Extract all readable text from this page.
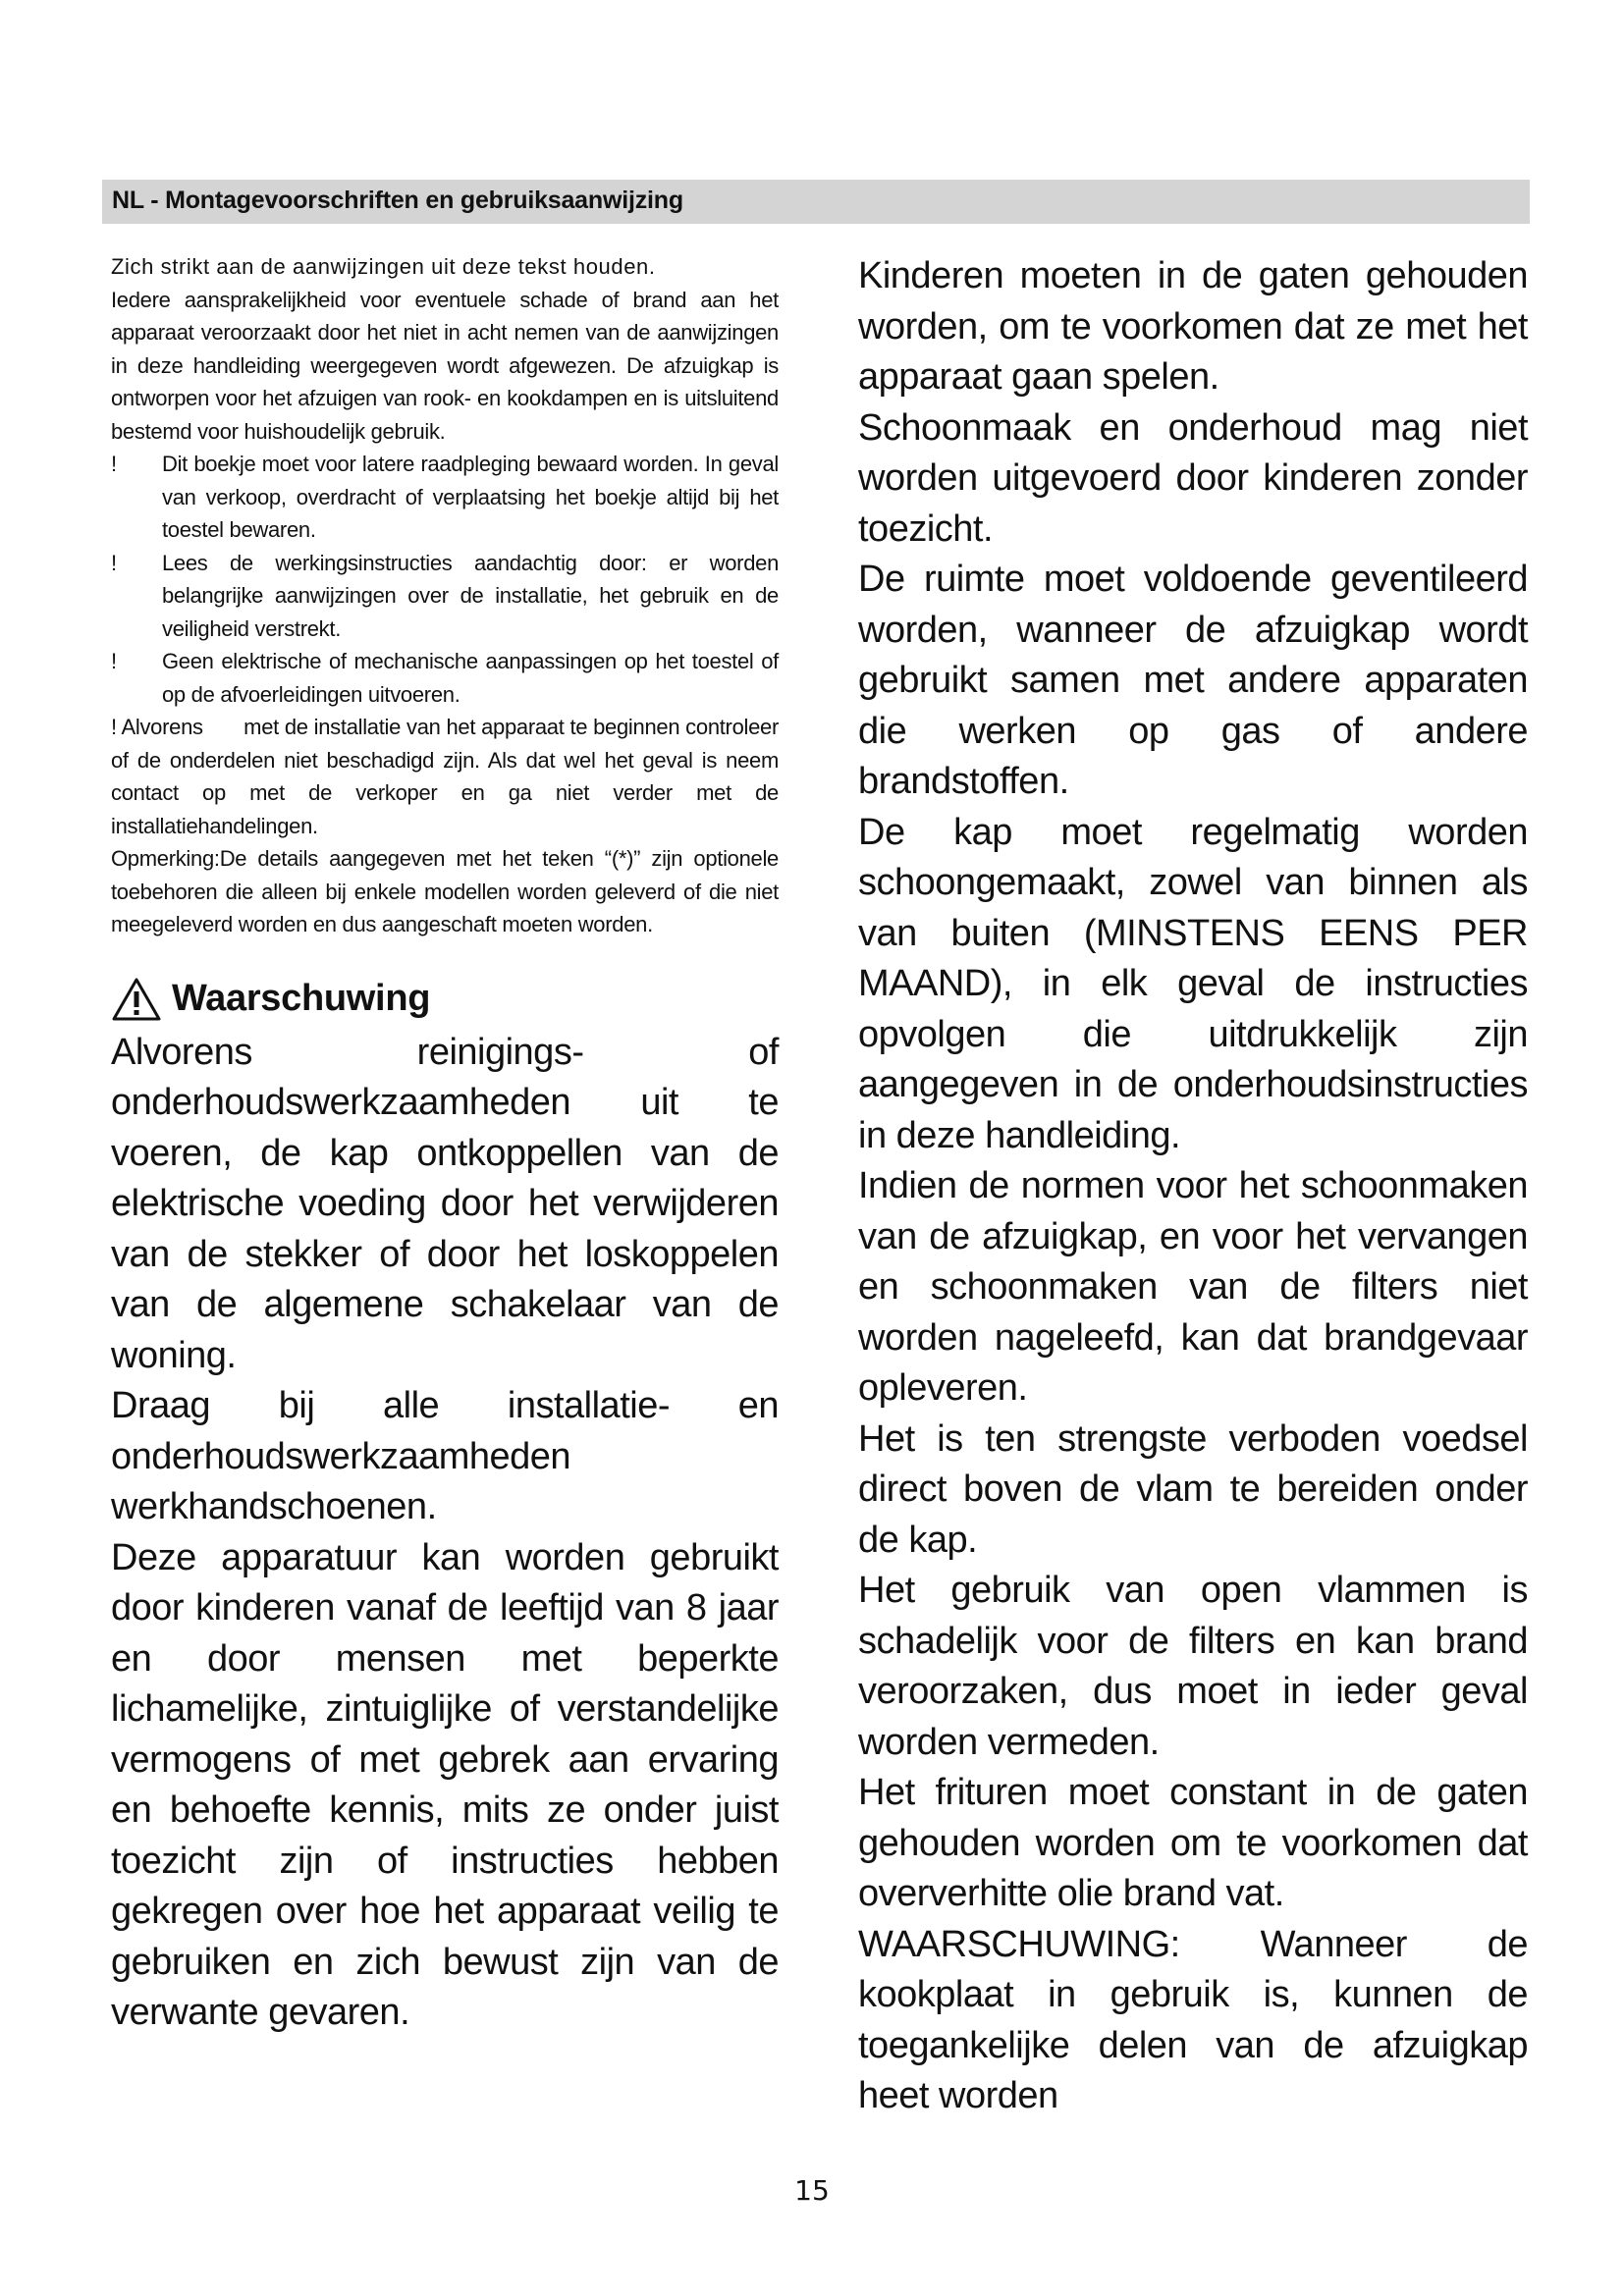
NL - Montagevoorschriften en gebruiksaanwijzing

Zich strikt aan de aanwijzingen uit deze tekst houden.

Iedere aansprakelijkheid voor eventuele schade of brand aan het apparaat veroorzaakt door het niet in acht nemen van de aanwijzingen in deze handleiding weergegeven wordt afgewezen. De afzuigkap is ontworpen voor het afzuigen van rook- en kookdampen en is uitsluitend bestemd voor huishoudelijk gebruik.

!	Dit boekje moet voor latere raadpleging bewaard worden. In geval van verkoop, overdracht of verplaatsing het boekje altijd bij het toestel bewaren.
!	Lees de werkingsinstructies aandachtig door: er worden belangrijke aanwijzingen over de installatie, het gebruik en de veiligheid verstrekt.
!	Geen elektrische of mechanische aanpassingen op het toestel of op de afvoerleidingen uitvoeren.
! Alvorens met de installatie van het apparaat te beginnen controleer of de onderdelen niet beschadigd zijn. Als dat wel het geval is neem contact op met de verkoper en ga niet verder met de installatiehandelingen.

Opmerking:De details aangegeven met het teken “(*)” zijn optionele toebehoren die alleen bij enkele modellen worden geleverd of die niet meegeleverd worden en dus aangeschaft moeten worden.

Waarschuwing

Alvorens reinigings- of onderhoudswerkzaamheden uit te voeren, de kap ontkoppellen van de elektrische voeding door het verwijderen van de stekker of door het loskoppelen van de algemene schakelaar van de woning.

Draag bij alle installatie- en onderhoudswerkzaamheden werkhandschoenen.

Deze apparatuur kan worden gebruikt door kinderen vanaf de leeftijd van 8 jaar en door mensen met beperkte lichamelijke, zintuiglijke of verstandelijke vermogens of met gebrek aan ervaring en behoefte kennis, mits ze onder juist toezicht zijn of instructies hebben gekregen over hoe het apparaat veilig te gebruiken en zich bewust zijn van de verwante gevaren.

Kinderen moeten in de gaten gehouden worden, om te voorkomen dat ze met het apparaat gaan spelen.

Schoonmaak en onderhoud mag niet worden uitgevoerd door kinderen zonder toezicht.

De ruimte moet voldoende geventileerd worden, wanneer de afzuigkap wordt gebruikt samen met andere apparaten die werken op gas of andere brandstoffen.

De kap moet regelmatig worden schoongemaakt, zowel van binnen als van buiten (MINSTENS EENS PER MAAND), in elk geval de instructies opvolgen die uitdrukkelijk zijn aangegeven in de onderhoudsinstructies in deze handleiding.

Indien de normen voor het schoonmaken van de afzuigkap, en voor het vervangen en schoonmaken van de filters niet worden nageleefd, kan dat brandgevaar opleveren.

Het is ten strengste verboden voedsel direct boven de vlam te bereiden onder de kap.

Het gebruik van open vlammen is schadelijk voor de filters en kan brand veroorzaken, dus moet in ieder geval worden vermeden.

Het frituren moet constant in de gaten gehouden worden om te voorkomen dat oververhitte olie brand vat.

WAARSCHUWING: Wanneer de kookplaat in gebruik is, kunnen de toegankelijke delen van de afzuigkap heet worden

15
